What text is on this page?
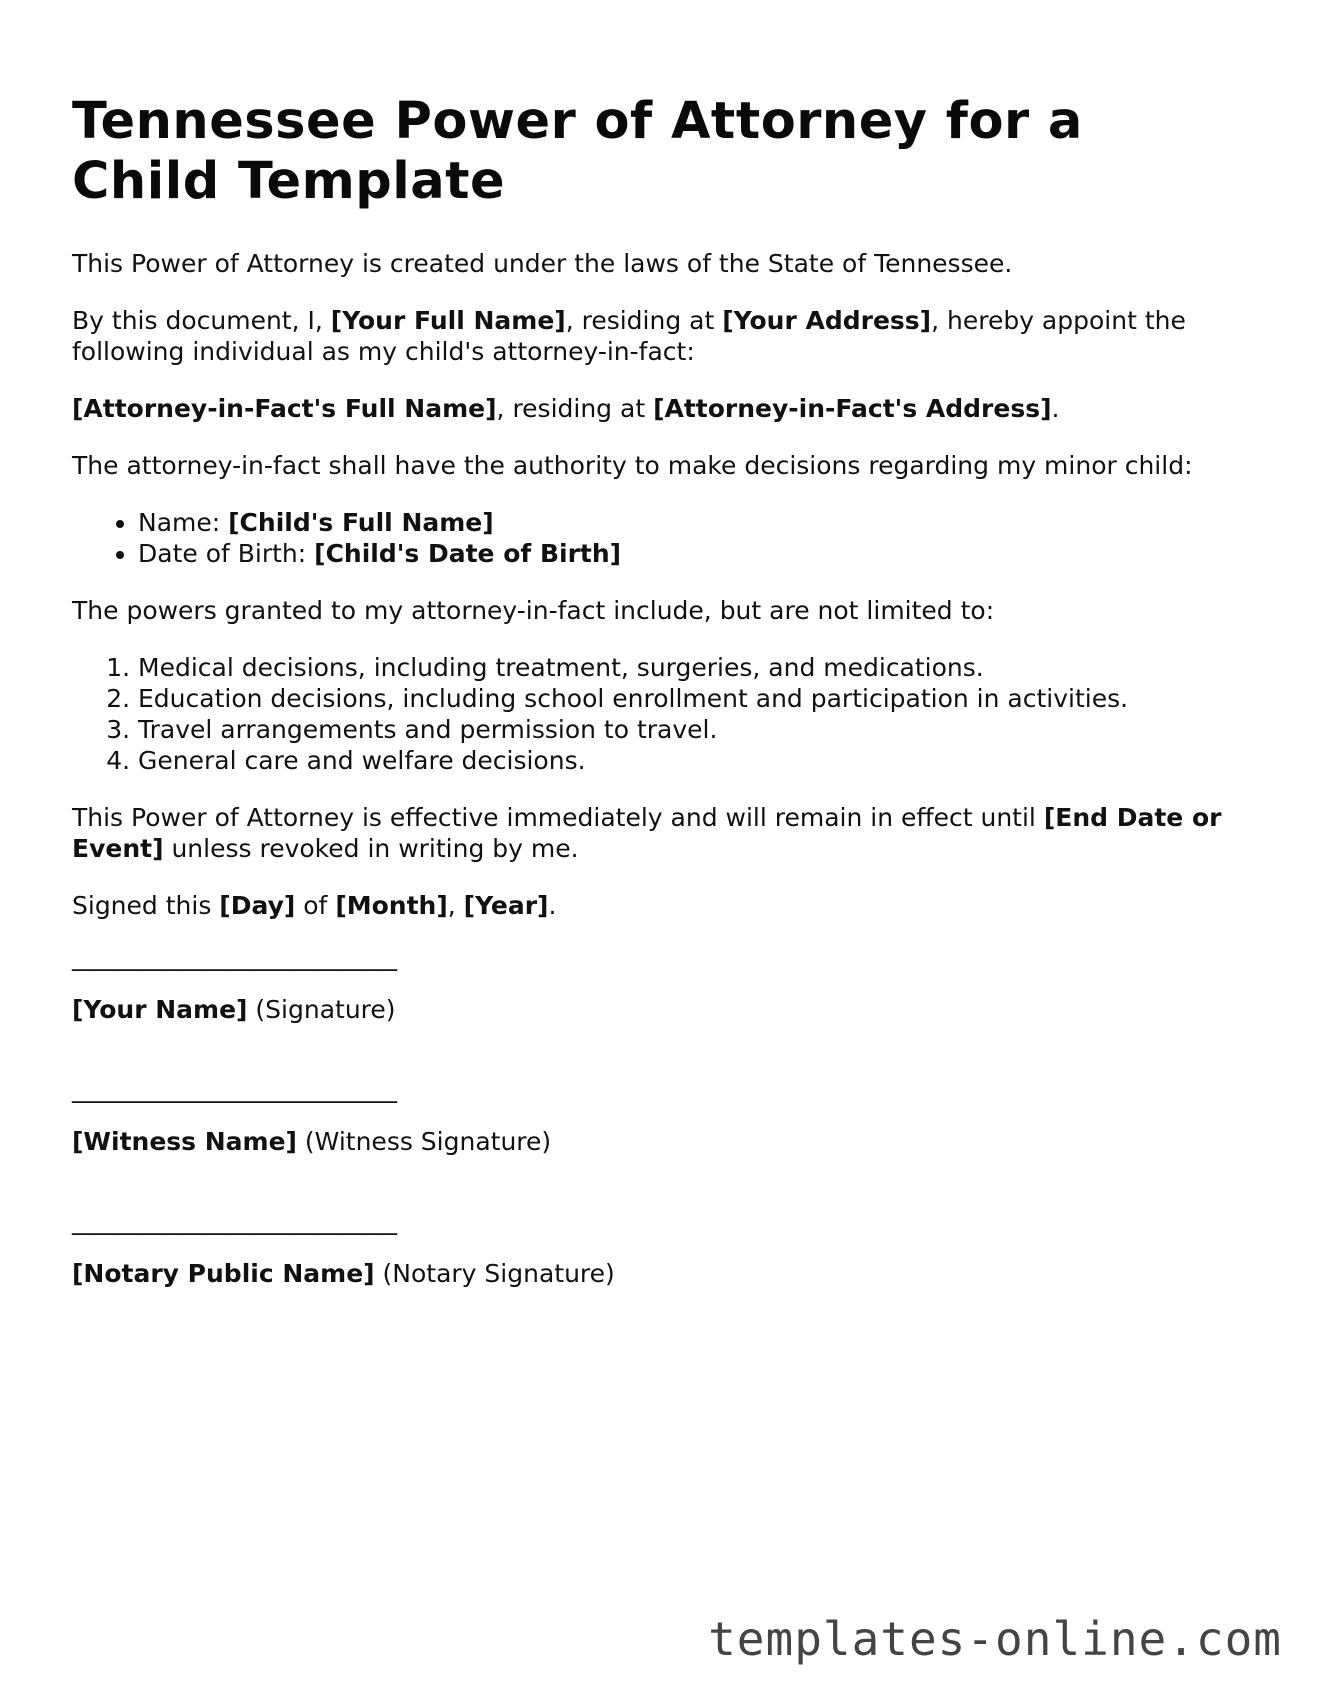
Tennessee Power of Attorney for a Child Template

This Power of Attorney is created under the laws of the State of Tennessee.

By this document, I, [Your Full Name], residing at [Your Address], hereby appoint the following individual as my child's attorney-in-fact:

[Attorney-in-Fact's Full Name], residing at [Attorney-in-Fact's Address].

The attorney-in-fact shall have the authority to make decisions regarding my minor child:

• Name: [Child's Full Name]
• Date of Birth: [Child's Date of Birth]

The powers granted to my attorney-in-fact include, but are not limited to:

1. Medical decisions, including treatment, surgeries, and medications.
2. Education decisions, including school enrollment and participation in activities.
3. Travel arrangements and permission to travel.
4. General care and welfare decisions.

This Power of Attorney is effective immediately and will remain in effect until [End Date or Event] unless revoked in writing by me.

Signed this [Day] of [Month], [Year].

__________________________
[Your Name] (Signature)
__________________________
[Witness Name] (Witness Signature)
__________________________
[Notary Public Name] (Notary Signature)
templates-online.com
